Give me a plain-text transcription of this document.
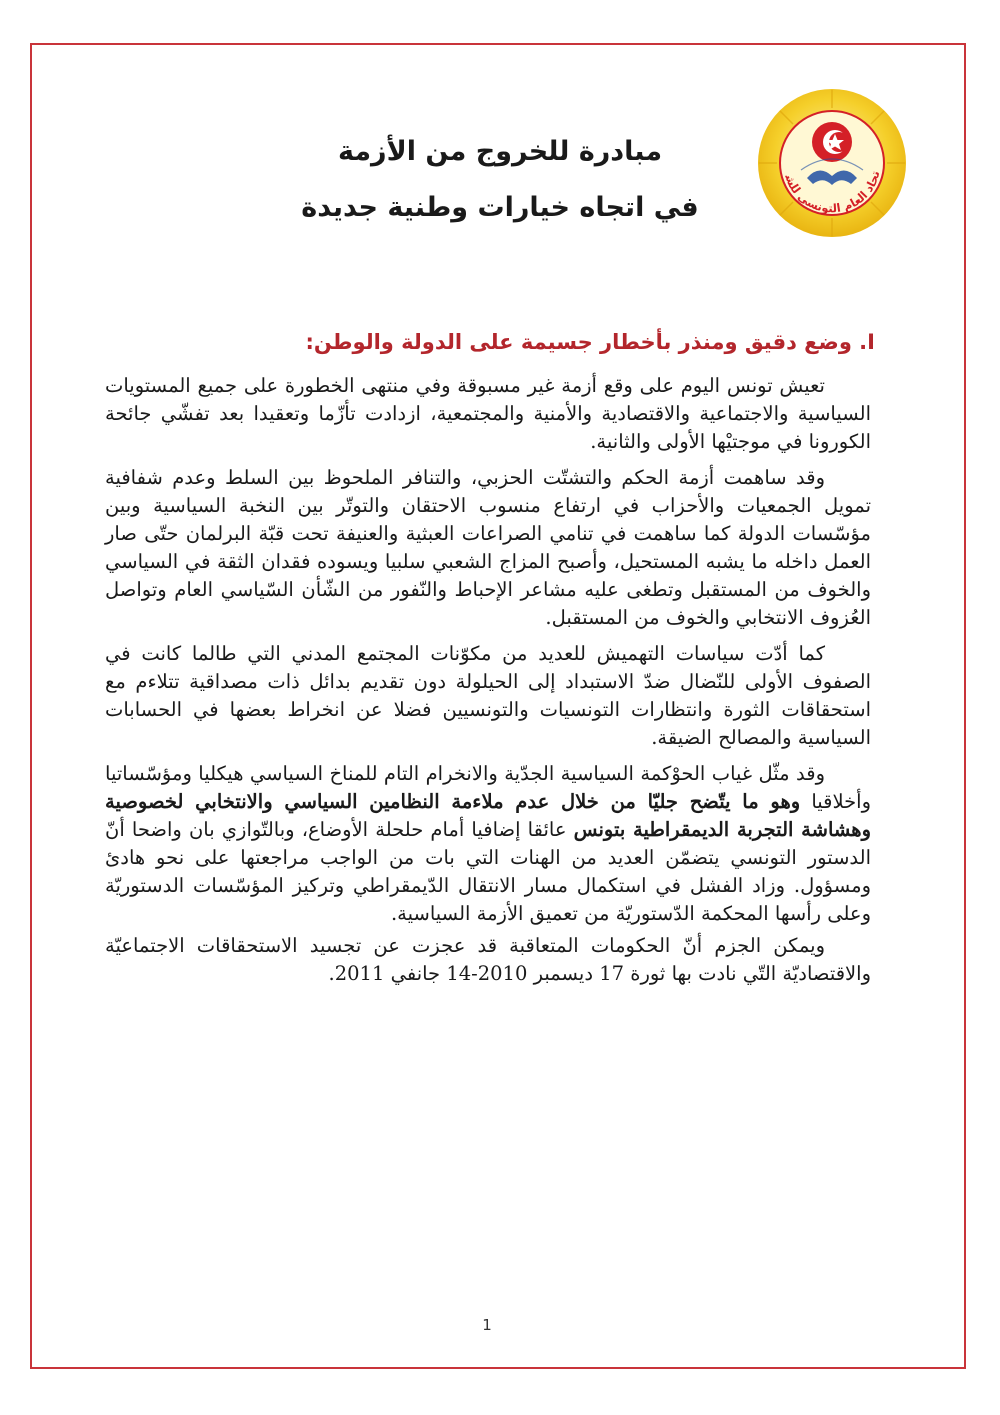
تحاد العام التونسي للش
مبادرة للخروج من الأزمة
في اتجاه خيارات وطنية جديدة
I. وضع دقيق ومنذر بأخطار جسيمة على الدولة والوطن:

تعيش تونس اليوم على وقع أزمة غير مسبوقة وفي منتهى الخطورة على جميع المستويات السياسية والاجتماعية والاقتصادية والأمنية والمجتمعية، ازدادت تأزّما وتعقيدا بعد تفشّي جائحة الكورونا في موجتيْها الأولى والثانية.

وقد ساهمت أزمة الحكم والتشتّت الحزبي، والتنافر الملحوظ بين السلط وعدم شفافية تمويل الجمعيات والأحزاب في ارتفاع منسوب الاحتقان والتوتّر بين النخبة السياسية وبين مؤسّسات الدولة كما ساهمت في تنامي الصراعات العبثية والعنيفة تحت قبّة البرلمان حتّى صار العمل داخله ما يشبه المستحيل، وأصبح المزاج الشعبي سلبيا ويسوده فقدان الثقة في السياسي والخوف من المستقبل وتطغى عليه مشاعر الإحباط والنّفور من الشّأن السّياسي العام وتواصل العُزوف الانتخابي والخوف من المستقبل.

كما أدّت سياسات التهميش للعديد من مكوّنات المجتمع المدني التي طالما كانت في الصفوف الأولى للنّضال ضدّ الاستبداد إلى الحيلولة دون تقديم بدائل ذات مصداقية تتلاءم مع استحقاقات الثورة وانتظارات التونسيات والتونسيين فضلا عن انخراط بعضها في الحسابات السياسية والمصالح الضيقة.

وقد مثّل غياب الحوْكمة السياسية الجدّية والانخرام التام للمناخ السياسي هيكليا ومؤسّساتيا وأخلاقيا وهو ما يتّضح جليّا من خلال عدم ملاءمة النظامين السياسي والانتخابي لخصوصية وهشاشة التجربة الديمقراطية بتونس عائقا إضافيا أمام حلحلة الأوضاع، وبالتّوازي بان واضحا أنّ الدستور التونسي يتضمّن العديد من الهنات التي بات من الواجب مراجعتها على نحو هادئ ومسؤول. وزاد الفشل في استكمال مسار الانتقال الدّيمقراطي وتركيز المؤسّسات الدستوريّة وعلى رأسها المحكمة الدّستوريّة من تعميق الأزمة السياسية.

ويمكن الجزم أنّ الحكومات المتعاقبة قد عجزت عن تجسيد الاستحقاقات الاجتماعيّة والاقتصاديّة التّي نادت بها ثورة 17 ديسمبر 2010-14 جانفي 2011.

1
